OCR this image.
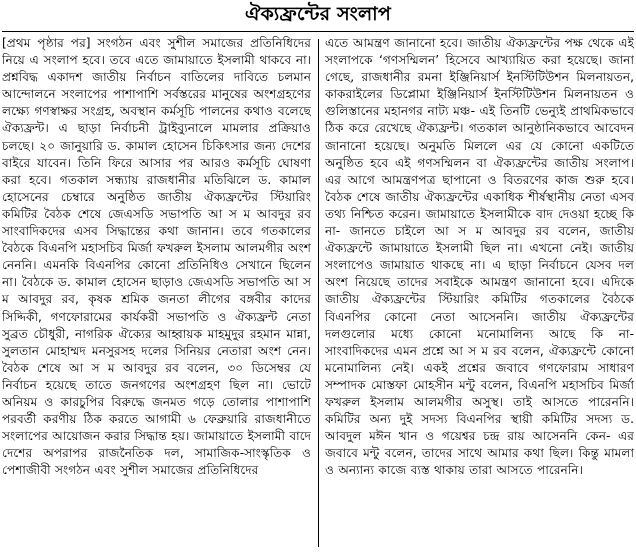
ঐক্যফ্রন্টের সংলাপ

[প্রথম পৃষ্ঠার পর] সংগঠন এবং সুশীল সমাজের প্রতিনিধিদের নিয়ে এ সংলাপ হবে। তবে এতে জামায়াতে ইসলামী থাকবে না। প্রশ্নবিদ্ধ একাদশ জাতীয় নির্বাচন বাতিলের দাবিতে চলমান আন্দোলনে সংলাপের পাশাপাশি সর্বস্তরের মানুষের অংশগ্রহণের লক্ষ্যে গণস্বাক্ষর সংগ্রহ, অবস্থান কর্মসূচি পালনের কথাও বলেছে ঐক্যফ্রন্ট। এ ছাড়া নির্বাচনী ট্রাইব্যুনালে মামলার প্রক্রিয়াও চলছে। ২০ জানুয়ারি ড. কামাল হোসেন চিকিৎসার জন্য দেশের বাইরে যাবেন। তিনি ফিরে আসার পর আরও কর্মসূচি ঘোষণা করা হবে। গতকাল সন্ধ্যায় রাজধানীর মতিঝিলে ড. কামাল হোসেনের চেম্বারে অনুষ্ঠিত জাতীয় ঐক্যফ্রন্টের স্টিয়ারিং কমিটির বৈঠক শেষে জেএসডি সভাপতি আ স ম আবদুর রব সাংবাদিকদের এসব সিদ্ধান্তের কথা জানান। তবে গতকালের বৈঠকে বিএনপি মহাসচিব মির্জা ফখরুল ইসলাম আলমগীর অংশ নেননি। এমনকি বিএনপির কোনো প্রতিনিধিও সেখানে ছিলেন না। বৈঠকে ড. কামাল হোসেন ছাড়াও জেএসডি সভাপতি আ স ম আবদুর রব, কৃষক শ্রমিক জনতা লীগের বঙ্গবীর কাদের সিদ্দিকী, গণফোরামের কার্যকরী সভাপতি ও ঐক্যফ্রন্ট নেতা সুব্রত চৌধুরী, নাগরিক ঐক্যের আহ্বায়ক মাহমুদুর রহমান মান্না, সুলতান মোহাম্মদ মনসুরসহ দলের সিনিয়র নেতারা অংশ নেন। বৈঠক শেষে আ স ম আবদুর রব বলেন, ৩০ ডিসেম্বর যে নির্বাচন হয়েছে তাতে জনগণের অংশগ্রহণ ছিল না। ভোটে অনিয়ম ও কারচুপির বিরুদ্ধে জনমত গড়ে তোলার পাশাপাশি পরবর্তী করণীয় ঠিক করতে আগামী ৬ ফেব্রুয়ারি রাজধানীতে সংলাপের আয়োজন করার সিদ্ধান্ত হয়। জামায়াতে ইসলামী বাদে দেশের অপরাপর রাজনৈতিক দল, সামাজিক-সাংস্কৃতিক ও পেশাজীবী সংগঠন এবং সুশীল সমাজের প্রতিনিধিদের

এতে আমন্ত্রণ জানানো হবে। জাতীয় ঐক্যফ্রন্টের পক্ষ থেকে এই সংলাপকে ‘গণসম্মিলন’ হিসেবে আখ্যায়িত করা হয়েছে। জানা গেছে, রাজধানীর রমনা ইঞ্জিনিয়ার্স ইনস্টিটিউশন মিলনায়তন, কাকরাইলের ডিপ্লোমা ইঞ্জিনিয়ার্স ইনস্টিটিউশন মিলনায়তন ও গুলিস্তানের মহানগর নাট্য মঞ্চ- এই তিনটি ভেন্যুই প্রাথমিকভাবে ঠিক করে রেখেছে ঐক্যফ্রন্ট। গতকাল আনুষ্ঠানিকভাবে আবেদন জানানো হয়েছে। অনুমতি মিললে এর যে কোনো একটিতে অনুষ্ঠিত হবে এই গণসম্মিলন বা ঐক্যফ্রন্টের জাতীয় সংলাপ। এর আগে আমন্ত্রণপত্র ছাপানো ও বিতরণের কাজ শুরু হবে। বৈঠক শেষে জাতীয় ঐক্যফ্রন্টের একাধিক শীর্ষস্থানীয় নেতা এসব তথ্য নিশ্চিত করেন। জামায়াতে ইসলামীকে বাদ দেওয়া হচ্ছে কি না- জানতে চাইলে আ স ম আবদুর রব বলেন, জাতীয় ঐক্যফ্রন্টে জামায়াতে ইসলামী ছিল না। এখনো নেই। জাতীয় সংলাপেও জামায়াত থাকছে না। এ ছাড়া নির্বাচনে যেসব দল অংশ নিয়েছে তাদের সবাইকে আমন্ত্রণ জানানো হবে। এদিকে জাতীয় ঐক্যফ্রন্টের স্টিয়ারিং কমিটির গতকালের বৈঠকে বিএনপির কোনো নেতা আসেননি। জাতীয় ঐক্যফ্রন্টের দলগুলোর মধ্যে কোনো মনোমালিন্য আছে কি না- সাংবাদিকদের এমন প্রশ্নে আ স ম রব বলেন, ঐক্যফ্রন্টে কোনো মনোমালিন্য নেই। একই প্রশ্নের জবাবে গণফোরাম সাধারণ সম্পাদক মোস্তফা মোহসীন মন্টু বলেন, বিএনপি মহাসচিব মির্জা ফখরুল ইসলাম আলমগীর অসুস্থ। তাই আসতে পারেননি। কমিটির অন্য দুই সদস্য বিএনপির স্থায়ী কমিটির সদস্য ড. আবদুল মঈন খান ও গয়েশ্বর চন্দ্র রায় আসেননি কেন- এর জবাবে মন্টু বলেন, তাদের সাথে আমার কথা ছিল। কিন্তু মামলা ও অন্যান্য কাজে ব্যস্ত থাকায় তারা আসতে পারেননি।
